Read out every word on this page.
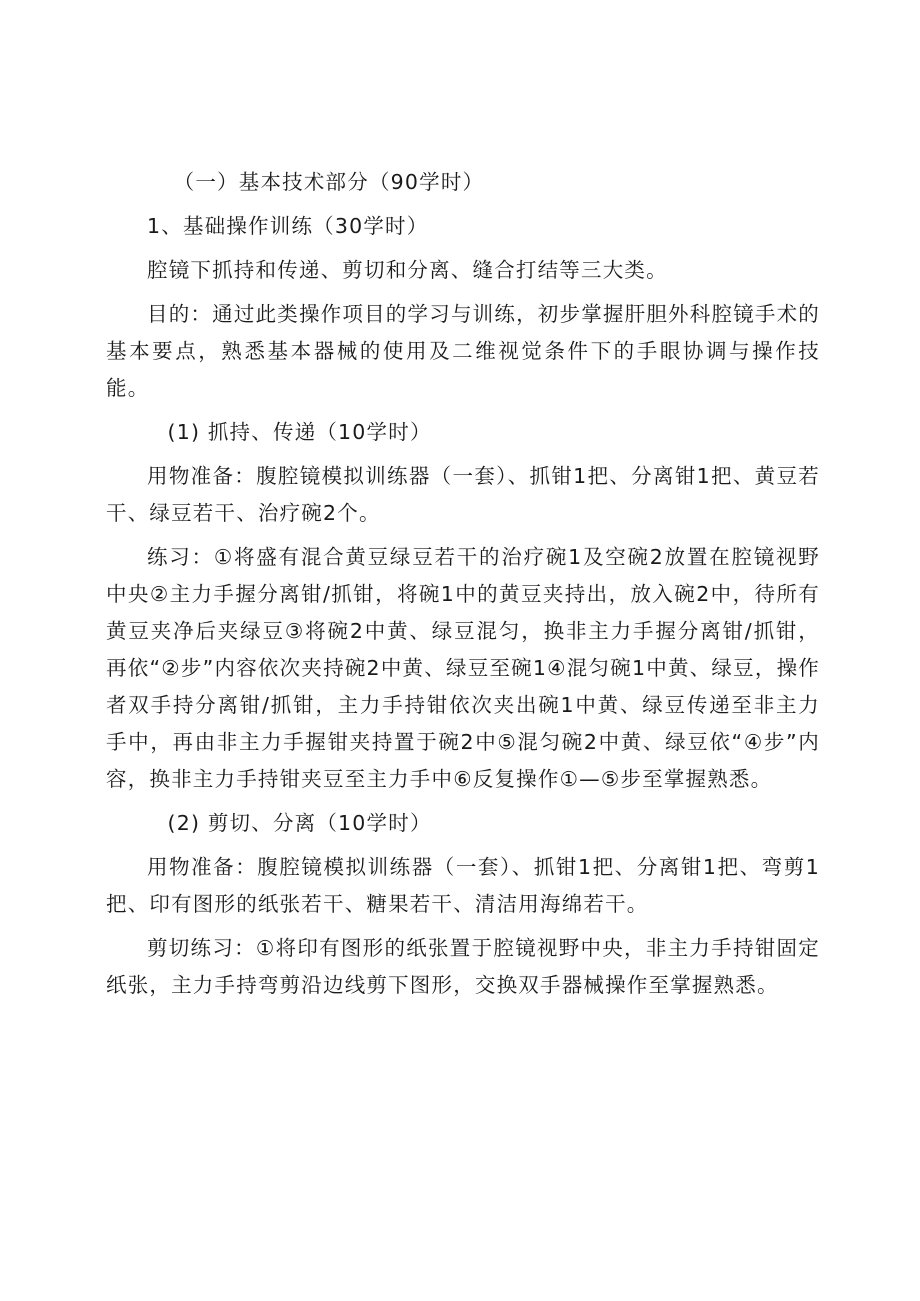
（一）基本技术部分（90学时）

1、基础操作训练（30学时）

腔镜下抓持和传递、剪切和分离、缝合打结等三大类。

目的：通过此类操作项目的学习与训练，初步掌握肝胆外科腔镜手术的基本要点，熟悉基本器械的使用及二维视觉条件下的手眼协调与操作技能。

(1) 抓持、传递（10学时）

用物准备：腹腔镜模拟训练器（一套）、抓钳1把、分离钳1把、黄豆若干、绿豆若干、治疗碗2个。

练习：①将盛有混合黄豆绿豆若干的治疗碗1及空碗2放置在腔镜视野中央②主力手握分离钳/抓钳，将碗1中的黄豆夹持出，放入碗2中，待所有黄豆夹净后夹绿豆③将碗2中黄、绿豆混匀，换非主力手握分离钳/抓钳，再依“②步”内容依次夹持碗2中黄、绿豆至碗1④混匀碗1中黄、绿豆，操作者双手持分离钳/抓钳，主力手持钳依次夹出碗1中黄、绿豆传递至非主力手中，再由非主力手握钳夹持置于碗2中⑤混匀碗2中黄、绿豆依“④步”内容，换非主力手持钳夹豆至主力手中⑥反复操作①—⑤步至掌握熟悉。

(2) 剪切、分离（10学时）

用物准备：腹腔镜模拟训练器（一套）、抓钳1把、分离钳1把、弯剪1把、印有图形的纸张若干、糖果若干、清洁用海绵若干。

剪切练习：①将印有图形的纸张置于腔镜视野中央，非主力手持钳固定纸张，主力手持弯剪沿边线剪下图形，交换双手器械操作至掌握熟悉。
